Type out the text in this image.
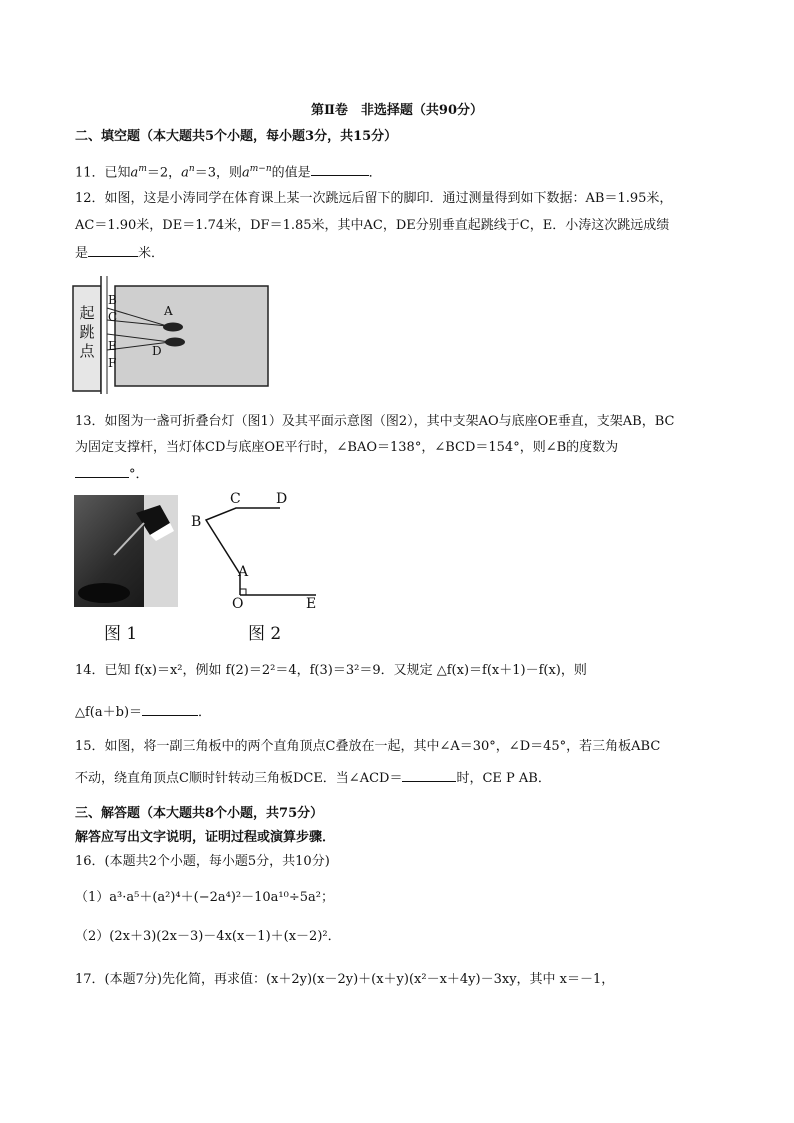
第Ⅱ卷　非选择题（共90分）
二、填空题（本大题共5个小题，每小题3分，共15分）
11．已知$a^m=2$，$a^n=3$，则$a^{m-n}$的值是	．
12．如图，这是小涛同学在体育课上某一次跳远后留下的脚印．通过测量得到如下数据：AB＝1.95米，
AC＝1.90米，DE＝1.74米，DF＝1.85米，其中AC，DE分别垂直起跳线于C，E．小涛这次跳远成绩
是	米．
起
跳
点
B
C	A
E	D
F
13．如图为一盏可折叠台灯（图1）及其平面示意图（图2），其中支架AO与底座OE垂直，支架AB，BC
为固定支撑杆，当灯体CD与底座OE平行时，∠BAO＝138°，∠BCD＝154°，则∠B的度数为
°．
图 1
C	D
B
A
O	E
图 2
14．已知 f(x)＝x²，例如 f(2)＝2²＝4，f(3)＝3²＝9．又规定 △f(x)＝f(x＋1)－f(x)，则
△f(a＋b)＝	．
15．如图，将一副三角板中的两个直角顶点C叠放在一起，其中∠A＝30°，∠D＝45°，若三角板ABC
不动，绕直角顶点C顺时针转动三角板DCE．当∠ACD＝	时，CE P AB．
三、解答题（本大题共8个小题，共75分）
解答应写出文字说明，证明过程或演算步骤．
16．(本题共2个小题，每小题5分，共10分)
（1）a³·a⁵＋(a²)⁴＋(−2a⁴)²－10a¹⁰÷5a²；
（2）(2x＋3)(2x－3)－4x(x－1)＋(x－2)²．
17．(本题7分)先化简，再求值：(x＋2y)(x－2y)＋(x＋y)(x²－x＋4y)－3xy，其中 x＝－1，
